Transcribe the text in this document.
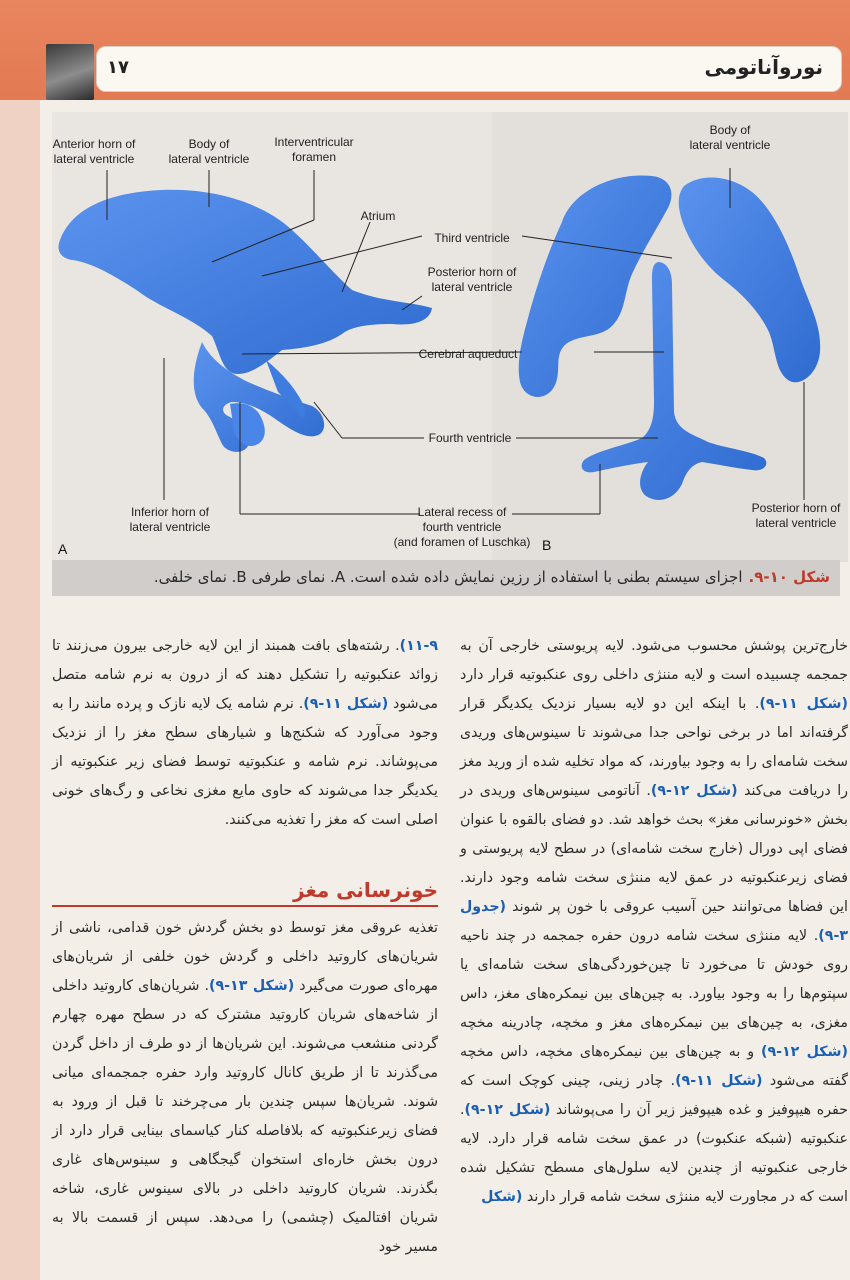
نوروآناتومی
۱۷
Anterior horn of lateral ventricle
Body of lateral ventricle
Interventricular foramen
Atrium
Third ventricle
Posterior horn of lateral ventricle
Cerebral aqueduct
Fourth ventricle
Inferior horn of lateral ventricle
Lateral recess of fourth ventricle (and foramen of Luschka)
Body of lateral ventricle
Posterior horn of lateral ventricle
A	B
شکل ۱۰-۹.اجزای سیستم بطنی با استفاده از رزین نمایش داده شده است. A. نمای طرفی B. نمای خلفی.

خارج‌ترین پوشش محسوب می‌شود. لایه پریوستی خارجی آن به جمجمه چسبیده است و لایه مننژی داخلی روی عنکبوتیه قرار دارد (شکل ۱۱-۹). با اینکه این دو لایه بسیار نزدیک یکدیگر قرار گرفته‌اند اما در برخی نواحی جدا می‌شوند تا سینوس‌های وریدی سخت شامه‌ای را به وجود بیاورند، که مواد تخلیه شده از ورید مغز را دریافت می‌کند (شکل ۱۲-۹). آناتومی سینوس‌های وریدی در بخش «خونرسانی مغز» بحث خواهد شد. دو فضای بالقوه با عنوان فضای اپی دورال (خارج سخت شامه‌ای) در سطح لایه پریوستی و فضای زیرعنکبوتیه در عمق لایه مننژی سخت شامه وجود دارند. این فضاها می‌توانند حین آسیب عروقی با خون پر شوند (جدول ۳-۹). لایه مننژی سخت شامه درون حفره جمجمه در چند ناحیه روی خودش تا می‌خورد تا چین‌خوردگی‌های سخت شامه‌ای یا سپتوم‌ها را به وجود بیاورد. به چین‌های بین نیمکره‌های مغز، داس مغزی، به چین‌های بین نیمکره‌های مغز و مخچه، چادرینه مخچه (شکل ۱۲-۹) و به چین‌های بین نیمکره‌های مخچه، داس مخچه گفته می‌شود (شکل ۱۱-۹). چادر زینی، چینی کوچک است که حفره هیپوفیز و غده هیپوفیز زیر آن را می‌پوشاند (شکل ۱۲-۹). عنکبوتیه (شبکه عنکبوت) در عمق سخت شامه قرار دارد. لایه خارجی عنکبوتیه از چندین لایه سلول‌های مسطح تشکیل شده است که در مجاورت لایه مننژی سخت شامه قرار دارند (شکل

۱۱-۹). رشته‌های بافت همبند از این لایه خارجی بیرون می‌زنند تا زوائد عنکبوتیه را تشکیل دهند که از درون به نرم شامه متصل می‌شود (شکل ۱۱-۹). نرم شامه یک لایه نازک و پرده مانند را به وجود می‌آورد که شکنج‌ها و شیارهای سطح مغز را از نزدیک می‌پوشاند. نرم شامه و عنکبوتیه توسط فضای زیر عنکبوتیه از یکدیگر جدا می‌شوند که حاوی مایع مغزی نخاعی و رگ‌های خونی اصلی است که مغز را تغذیه می‌کنند.

خونرسانی مغز

تغذیه عروقی مغز توسط دو بخش گردش خون قدامی، ناشی از شریان‌های کاروتید داخلی و گردش خون خلفی از شریان‌های مهره‌ای صورت می‌گیرد (شکل ۱۳-۹). شریان‌های کاروتید داخلی از شاخه‌های شریان کاروتید مشترک که در سطح مهره چهارم گردنی منشعب می‌شوند. این شریان‌ها از دو طرف از داخل گردن می‌گذرند تا از طریق کانال کاروتید وارد حفره جمجمه‌ای میانی شوند. شریان‌ها سپس چندین بار می‌چرخند تا قبل از ورود به فضای زیرعنکبوتیه که بلافاصله کنار کیاسمای بینایی قرار دارد از درون بخش خاره‌ای استخوان گیجگاهی و سینوس‌های غاری بگذرند. شریان کاروتید داخلی در بالای سینوس غاری، شاخه شریان افتالمیک (چشمی) را می‌دهد. سپس از قسمت بالا به مسیر خود
